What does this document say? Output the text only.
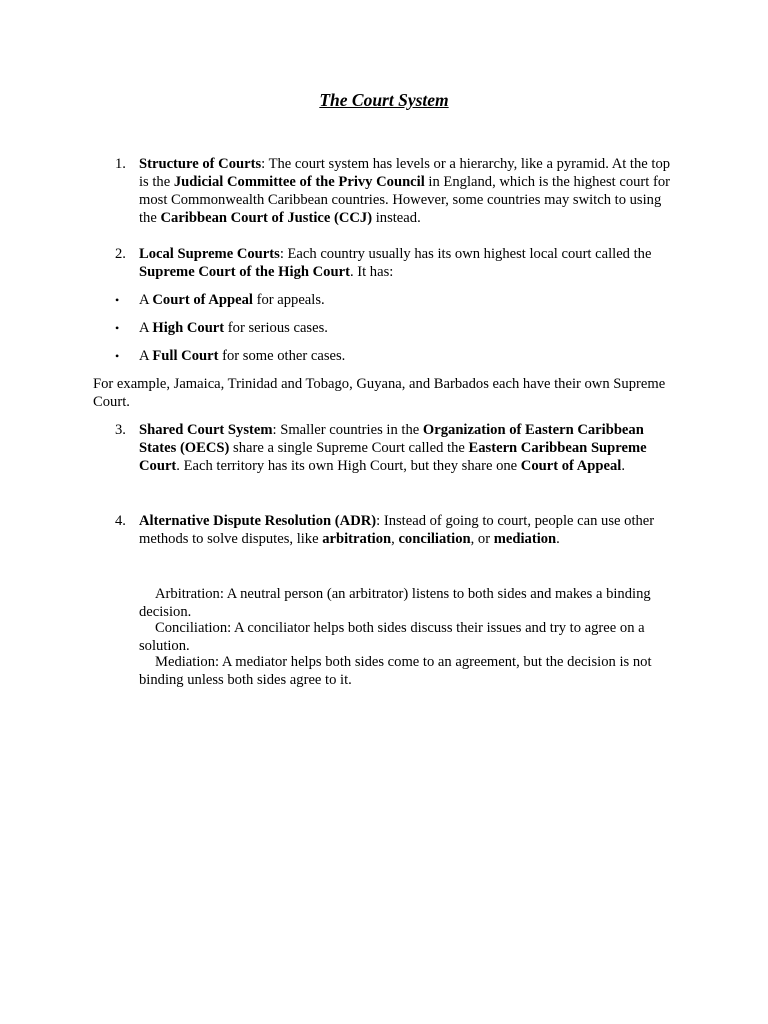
The Court System
1. Structure of Courts: The court system has levels or a hierarchy, like a pyramid. At the top is the Judicial Committee of the Privy Council in England, which is the highest court for most Commonwealth Caribbean countries. However, some countries may switch to using the Caribbean Court of Justice (CCJ) instead.
2. Local Supreme Courts: Each country usually has its own highest local court called the Supreme Court of the High Court. It has:
• A Court of Appeal for appeals.
• A High Court for serious cases.
• A Full Court for some other cases.
For example, Jamaica, Trinidad and Tobago, Guyana, and Barbados each have their own Supreme Court.
3. Shared Court System: Smaller countries in the Organization of Eastern Caribbean States (OECS) share a single Supreme Court called the Eastern Caribbean Supreme Court. Each territory has its own High Court, but they share one Court of Appeal.
4. Alternative Dispute Resolution (ADR): Instead of going to court, people can use other methods to solve disputes, like arbitration, conciliation, or mediation.
Arbitration: A neutral person (an arbitrator) listens to both sides and makes a binding decision.
Conciliation: A conciliator helps both sides discuss their issues and try to agree on a solution.
Mediation: A mediator helps both sides come to an agreement, but the decision is not binding unless both sides agree to it.
